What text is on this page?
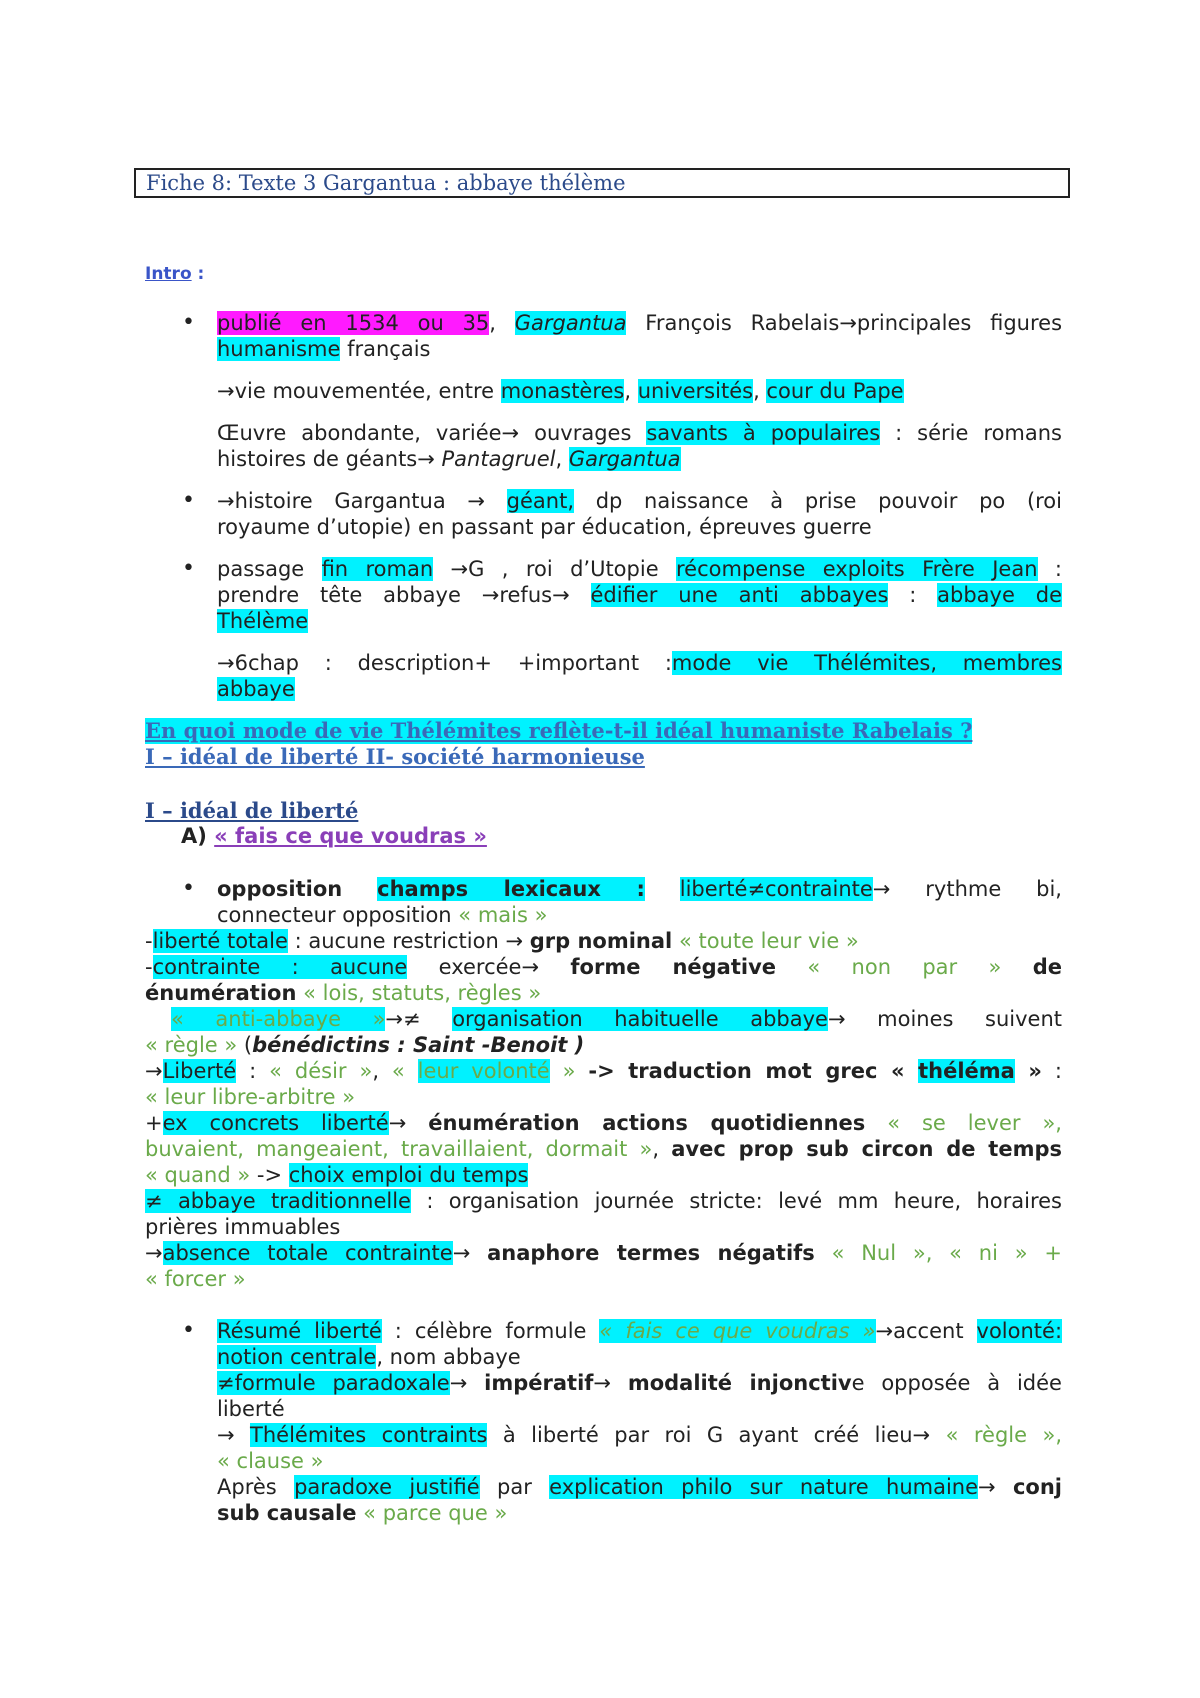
Fiche 8: Texte 3 Gargantua : abbaye thélème
Intro :
• publié en 1534 ou 35, Gargantua François Rabelais→principales figures
humanisme français
→vie mouvementée, entre monastères, universités, cour du Pape
Œuvre abondante, variée→ ouvrages savants à populaires : série romans
histoires de géants→ Pantagruel, Gargantua
• →histoire Gargantua → géant, dp naissance à prise pouvoir po (roi
royaume d’utopie) en passant par éducation, épreuves guerre
• passage fin roman →G , roi d’Utopie récompense exploits Frère Jean :
prendre tête abbaye →refus→ édifier une anti abbayes : abbaye de
Thélème
→6chap : description+ +important :mode vie Thélémites, membres
abbaye
En quoi mode de vie Thélémites reflète-t-il idéal humaniste Rabelais ?
I – idéal de liberté II- société harmonieuse
I – idéal de liberté
A) « fais ce que voudras »
• opposition champs lexicaux : liberté≠contrainte→ rythme bi,
connecteur opposition « mais »
-liberté totale : aucune restriction → grp nominal « toute leur vie »
-contrainte : aucune exercée→ forme négative « non par » de
énumération « lois, statuts, règles »
« anti-abbaye »→≠ organisation habituelle abbaye→ moines suivent
« règle » (bénédictins : Saint -Benoit )
→Liberté : « désir », « leur volonté » -> traduction mot grec « théléma » :
« leur libre-arbitre »
+ex concrets liberté→ énumération actions quotidiennes « se lever »,
buvaient, mangeaient, travaillaient, dormait », avec prop sub circon de temps
« quand » -> choix emploi du temps
≠ abbaye traditionnelle : organisation journée stricte: levé mm heure, horaires
prières immuables
→absence totale contrainte→ anaphore termes négatifs « Nul », « ni » +
« forcer »
• Résumé liberté : célèbre formule « fais ce que voudras »→accent volonté:
notion centrale, nom abbaye
≠formule paradoxale→ impératif→ modalité injonctive opposée à idée
liberté
→ Thélémites contraints à liberté par roi G ayant créé lieu→ « règle »,
« clause »
Après paradoxe justifié par explication philo sur nature humaine→ conj
sub causale « parce que »
